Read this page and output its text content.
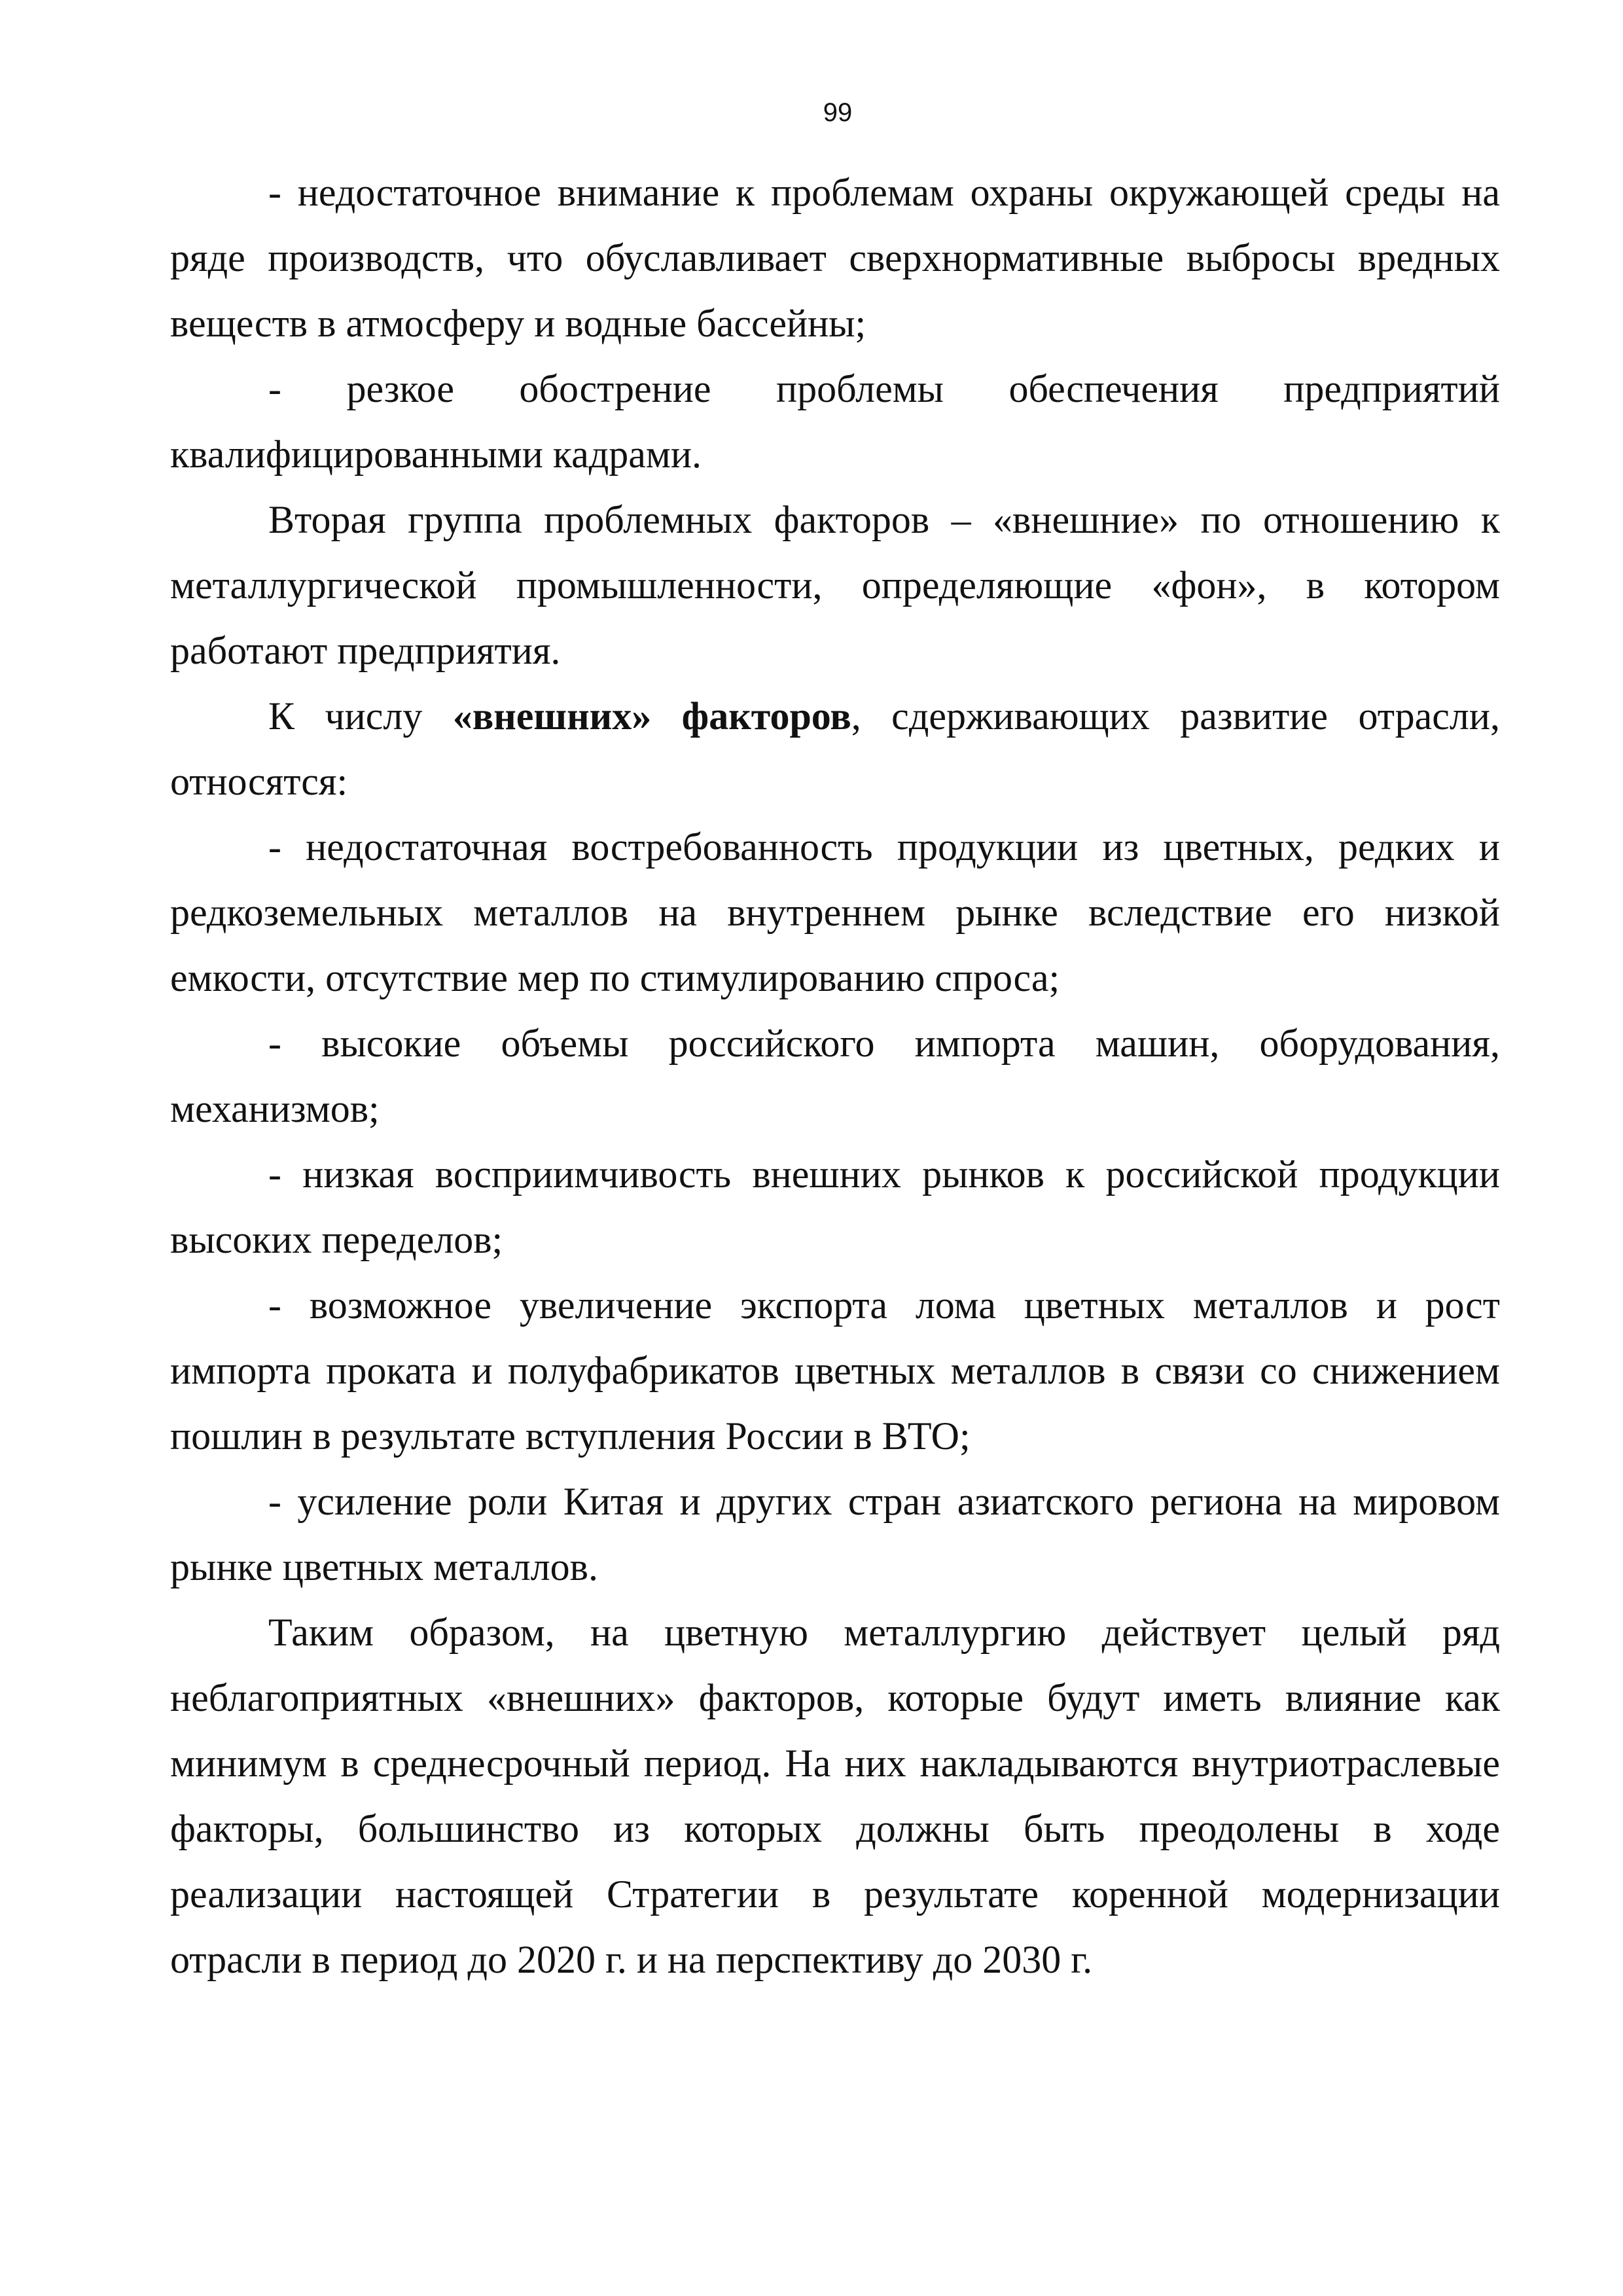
99

- недостаточное внимание к проблемам охраны окружающей среды на ряде производств, что обуславливает сверхнормативные выбросы вредных веществ в атмосферу и водные бассейны;

- резкое обострение проблемы обеспечения предприятий квалифицированными кадрами.

Вторая группа проблемных факторов – «внешние» по отношению к металлургической промышленности, определяющие «фон», в котором работают предприятия.

К числу «внешних» факторов, сдерживающих развитие отрасли, относятся:

- недостаточная востребованность продукции из цветных, редких и редкоземельных металлов на внутреннем рынке вследствие его низкой емкости, отсутствие мер по стимулированию спроса;

- высокие объемы российского импорта машин, оборудования, механизмов;

- низкая восприимчивость внешних рынков к российской продукции высоких переделов;

- возможное увеличение экспорта лома цветных металлов и рост импорта проката и полуфабрикатов цветных металлов в связи со снижением пошлин в результате вступления России в ВТО;

- усиление роли Китая и других стран азиатского региона на мировом рынке цветных металлов.

Таким образом, на цветную металлургию действует целый ряд неблагоприятных «внешних» факторов, которые будут иметь влияние как минимум в среднесрочный период. На них накладываются внутриотраслевые факторы, большинство из которых должны быть преодолены в ходе реализации настоящей Стратегии в результате коренной модернизации отрасли в период до 2020 г. и на перспективу до 2030 г.
